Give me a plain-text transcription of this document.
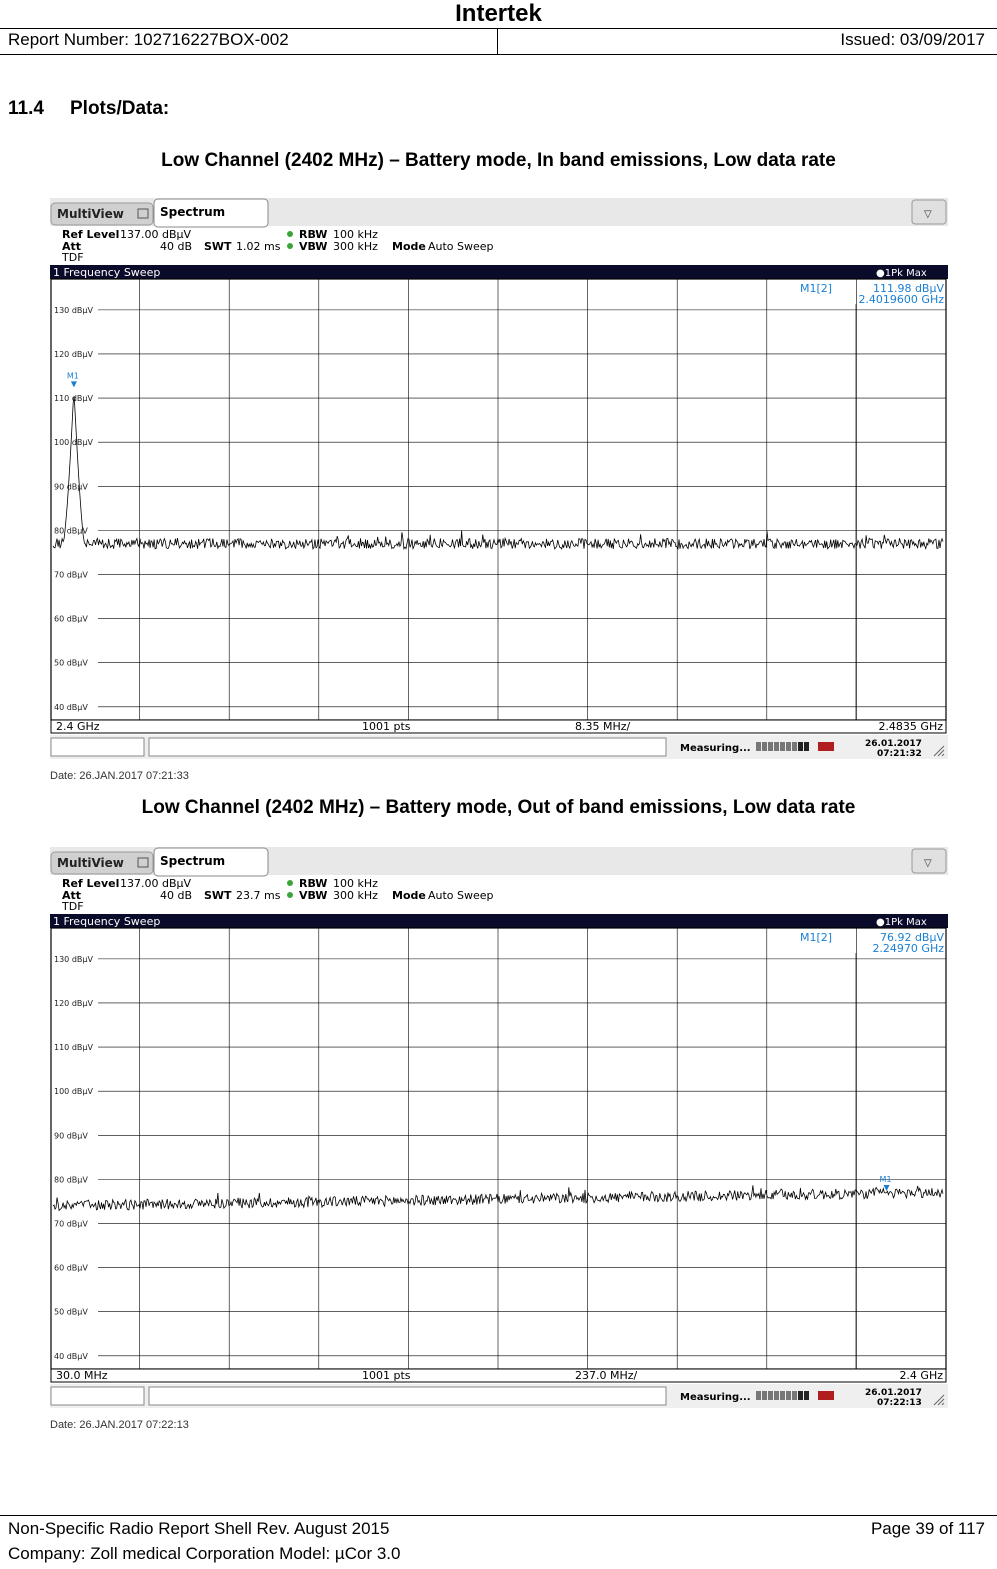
Intertek
Report Number: 102716227BOX-002	Issued: 03/09/2017
11.4 Plots/Data:
Low Channel (2402 MHz) – Battery mode, In band emissions, Low data rate
MultiView	Spectrum	▽
Ref Level 137.00 dBµV
Att	40 dB SWT 1.02 ms
TDF
RBW 100 kHz
VBW 300 kHz Mode Auto Sweep
1 Frequency Sweep	●1Pk Max
130 dBµV
120 dBµV
110 dBµV
100 dBµV
90 dBµV
80 dBµV
70 dBµV
60 dBµV
50 dBµV
40 dBµV
M1
M1[2]	111.98 dBµV
2.4019600 GHz
2.4 GHz	1001 pts	8.35 MHz/	2.4835 GHz
Measuring...	26.01.2017
07:21:32
Date: 26.JAN.2017 07:21:33
Low Channel (2402 MHz) – Battery mode, Out of band emissions, Low data rate
MultiView	Spectrum	▽
Ref Level 137.00 dBµV
Att	40 dB SWT 23.7 ms
TDF
RBW 100 kHz
VBW 300 kHz Mode Auto Sweep
1 Frequency Sweep	●1Pk Max
130 dBµV
120 dBµV
110 dBµV
100 dBµV
90 dBµV
80 dBµV
70 dBµV
60 dBµV
50 dBµV
40 dBµV
M1
M1[2]	76.92 dBµV
2.24970 GHz
30.0 MHz	1001 pts	237.0 MHz/	2.4 GHz
Measuring...	26.01.2017
07:22:13
Date: 26.JAN.2017 07:22:13
Non-Specific Radio Report Shell Rev. August 2015
Company: Zoll medical Corporation Model: µCor 3.0
Page 39 of 117
